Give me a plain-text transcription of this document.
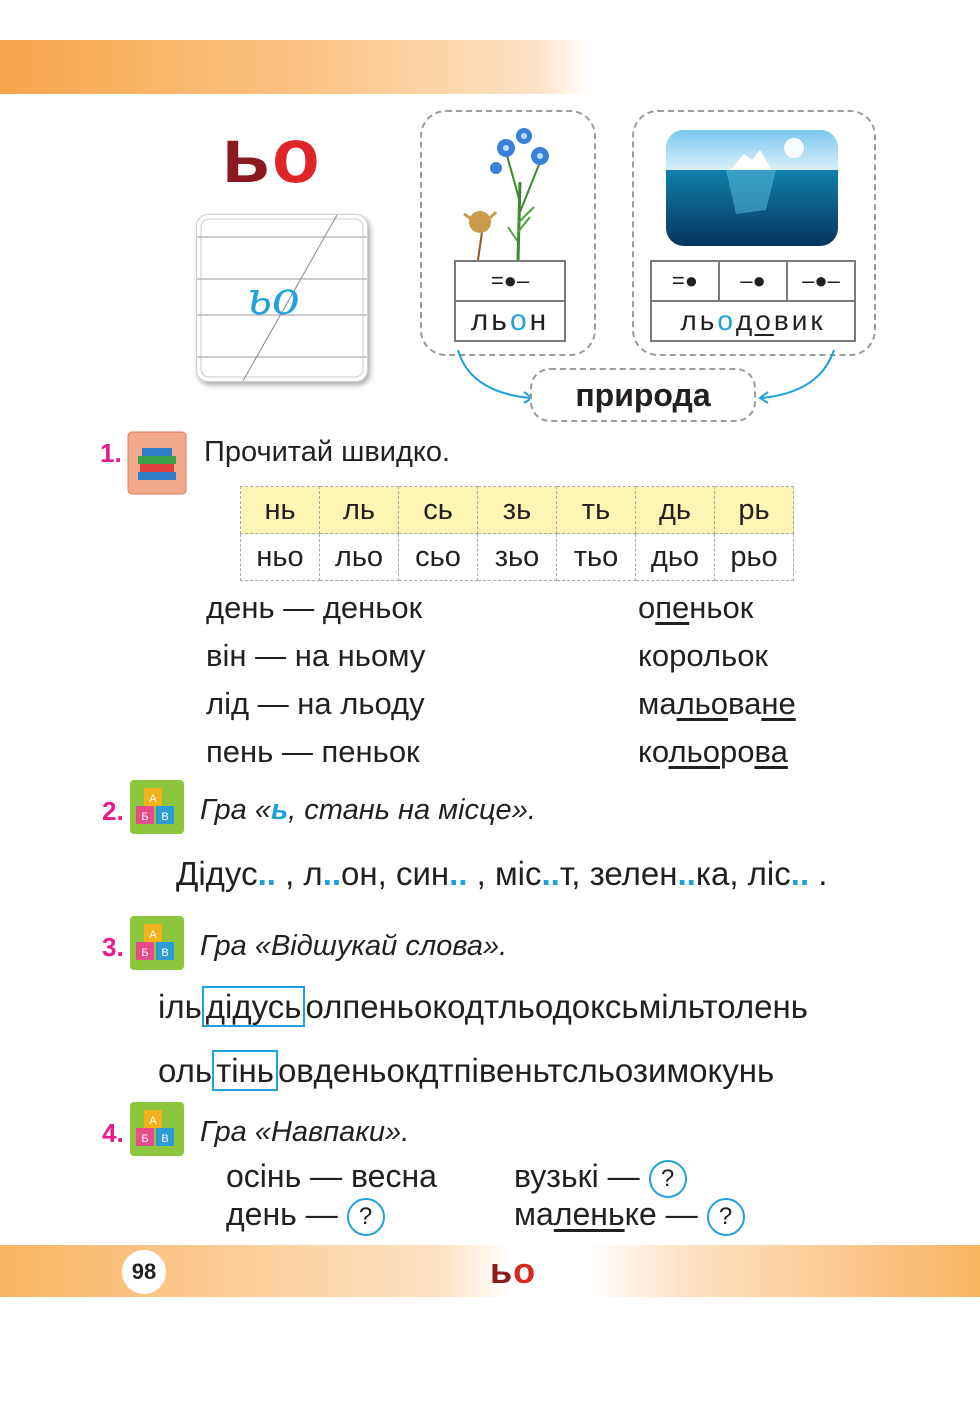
ьо
ьо	=●–
ль о н
=●	–●	–●–
ль о до вик
природа
1.	Прочитай швидко.
нь	ль	сь	зь	ть	дь	рь
ньо	льо	сьо	зьо	тьо	дьо	рьо
день — деньок
він — на ньому
лід — на льоду
пень — пеньок
опеньок
корольок
мальоване
кольорова
2. А
Б В Гра «ь, стань на місце».
Дідус.. , л..он, син.. , міс..т, зелен..ка, ліс.. .
3. А
Б В Гра «Відшукай слова».
іль дідусь олпеньокодтльодоксьмільтолень
оль тінь овденьокдтпівеньтсльозимокунь
4. А
Б В Гра «Навпаки».
осінь — весна
день — ?
вузькі — ?
маленьке — ?
98	ьо
